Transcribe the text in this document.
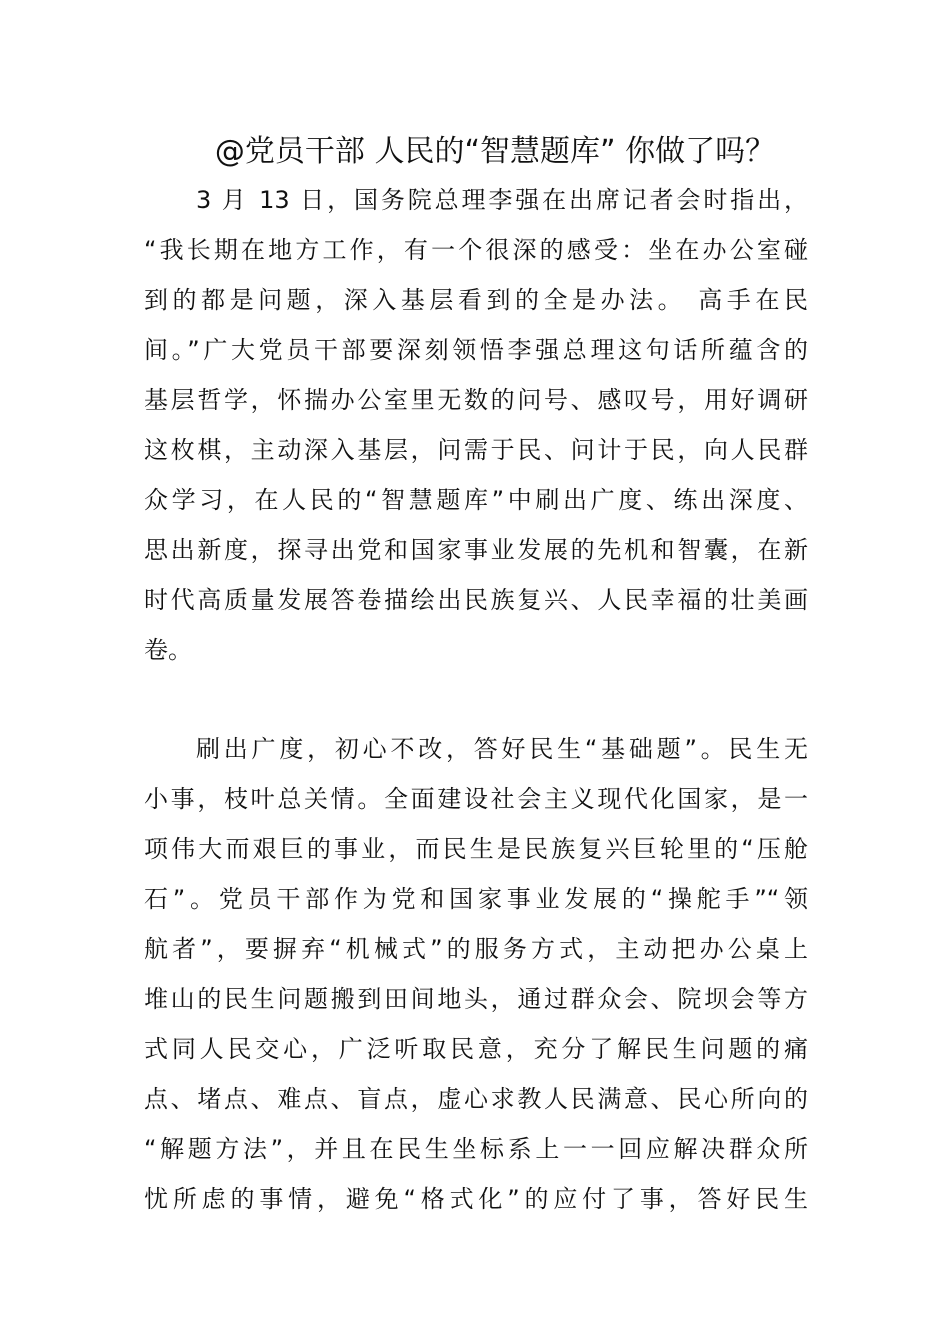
@党员干部 人民的“智慧题库” 你做了吗？
3 月 13 日，国务院总理李强在出席记者会时指出，
“我长期在地方工作，有一个很深的感受：坐在办公室碰
到的都是问题，深入基层看到的全是办法。 高手在民
间。”广大党员干部要深刻领悟李强总理这句话所蕴含的
基层哲学，怀揣办公室里无数的问号、感叹号，用好调研
这枚棋，主动深入基层，问需于民、问计于民，向人民群
众学习，在人民的“智慧题库”中刷出广度、练出深度、
思出新度，探寻出党和国家事业发展的先机和智囊，在新
时代高质量发展答卷描绘出民族复兴、人民幸福的壮美画
卷。
刷出广度，初心不改，答好民生“基础题”。民生无
小事，枝叶总关情。全面建设社会主义现代化国家，是一
项伟大而艰巨的事业，而民生是民族复兴巨轮里的“压舱
石”。党员干部作为党和国家事业发展的“操舵手”“领
航者”，要摒弃“机械式”的服务方式，主动把办公桌上
堆山的民生问题搬到田间地头，通过群众会、院坝会等方
式同人民交心，广泛听取民意，充分了解民生问题的痛
点、堵点、难点、盲点，虚心求教人民满意、民心所向的
“解题方法”，并且在民生坐标系上一一回应解决群众所
忧所虑的事情，避免“格式化”的应付了事，答好民生
